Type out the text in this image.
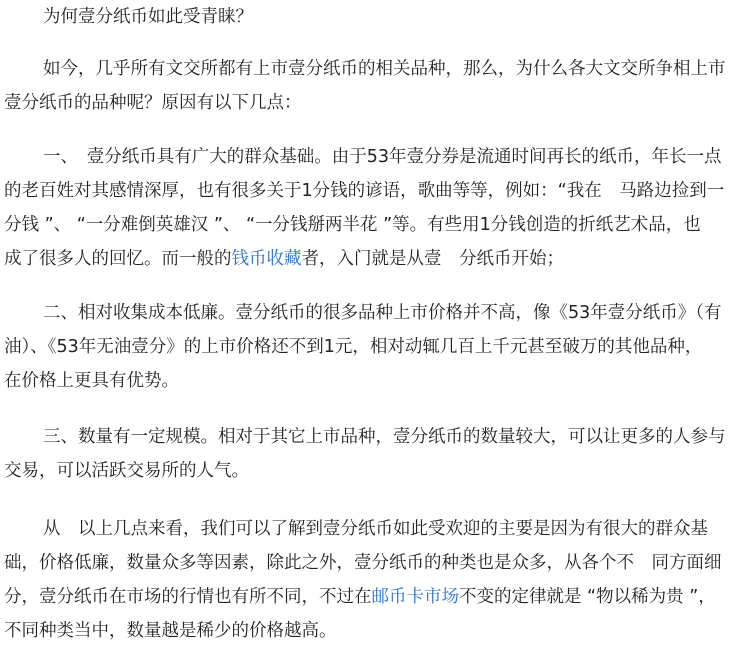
为何壹分纸币如此受青睐？
如今，几乎所有文交所都有上市壹分纸币的相关品种，那么，为什么各大文交所争相上市
壹分纸币的品种呢？原因有以下几点：
一、　壹分纸币具有广大的群众基础。由于53年壹分券是流通时间再长的纸币，年长一点
的老百姓对其感情深厚，也有很多关于1分钱的谚语，歌曲等等，例如：“我在　马路边捡到一
分钱 ”、 “一分难倒英雄汉 ”、 “一分钱掰两半花 ”等。有些用1分钱创造的折纸艺术品，也
成了很多人的回忆。而一般的钱币收藏者，入门就是从壹　分纸币开始；
二、相对收集成本低廉。壹分纸币的很多品种上市价格并不高，像《53年壹分纸币》（有
油）、《53年无油壹分》的上市价格还不到1元，相对动辄几百上千元甚至破万的其他品种，
在价格上更具有优势。
三、数量有一定规模。相对于其它上市品种，壹分纸币的数量较大，可以让更多的人参与
交易，可以活跃交易所的人气。
从　以上几点来看，我们可以了解到壹分纸币如此受欢迎的主要是因为有很大的群众基
础，价格低廉，数量众多等因素，除此之外，壹分纸币的种类也是众多，从各个不　同方面细
分，壹分纸币在市场的行情也有所不同，不过在邮币卡市场不变的定律就是 “物以稀为贵 ”，
不同种类当中，数量越是稀少的价格越高。
